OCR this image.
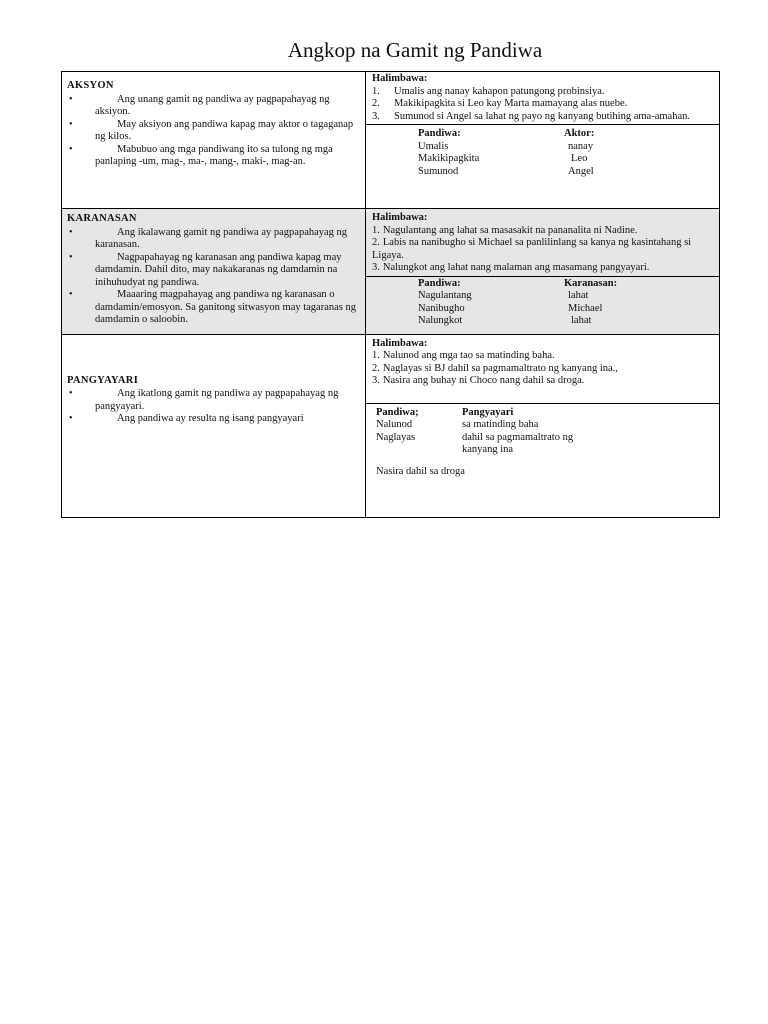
Angkop na Gamit ng Pandiwa
AKSYON
• Ang unang gamit ng pandiwa ay pagpapahayag ng aksiyon.
• May aksiyon ang pandiwa kapag may aktor o tagaganap ng kilos.
• Mabubuo ang mga pandiwang ito sa tulong ng mga panlaping -um, mag-, ma-, mang-, maki-, mag-an.

Halimbawa:
1. Umalis ang nanay kahapon patungong probinsiya.
2. Makikipagkita si Leo kay Marta mamayang alas nuebe.
3. Sumunod si Angel sa lahat ng payo ng kanyang butihing ama-amahan.
Pandiwa:	Aktor:
Umalis	nanay
Makikipagkita	Leo
Sumunod	Angel

KARANASAN
• Ang ikalawang gamit ng pandiwa ay pagpapahayag ng karanasan.
• Nagpapahayag ng karanasan ang pandiwa kapag may damdamin. Dahil dito, may nakakaranas ng damdamin na inihuhudyat ng pandiwa.
• Maaaring magpahayag ang pandiwa ng karanasan o damdamin/emosyon. Sa ganitong sitwasyon may tagaranas ng damdamin o saloobin.

Halimbawa:
1. Nagulantang ang lahat sa masasakit na pananalita ni Nadine.
2. Labis na nanibugho si Michael sa panlilinlang sa kanya ng kasintahang si Ligaya.
3. Nalungkot ang lahat nang malaman ang masamang pangyayari.
Pandiwa:	Karanasan:
Nagulantang	lahat
Nanibugho	Michael
Nalungkot	lahat

PANGYAYARI
• Ang ikatlong gamit ng pandiwa ay pagpapahayag ng pangyayari.
• Ang pandiwa ay resulta ng isang pangyayari

Halimbawa:
1. Nalunod ang mga tao sa matinding baha.
2. Naglayas si BJ dahil sa pagmamaltrato ng kanyang ina.,
3. Nasira ang buhay ni Choco nang dahil sa droga.
Pandiwa;	Pangyayari
Nalunod	sa matinding baha
Naglayas	dahil sa pagmamaltrato ng kanyang ina
Nasira dahil sa droga
